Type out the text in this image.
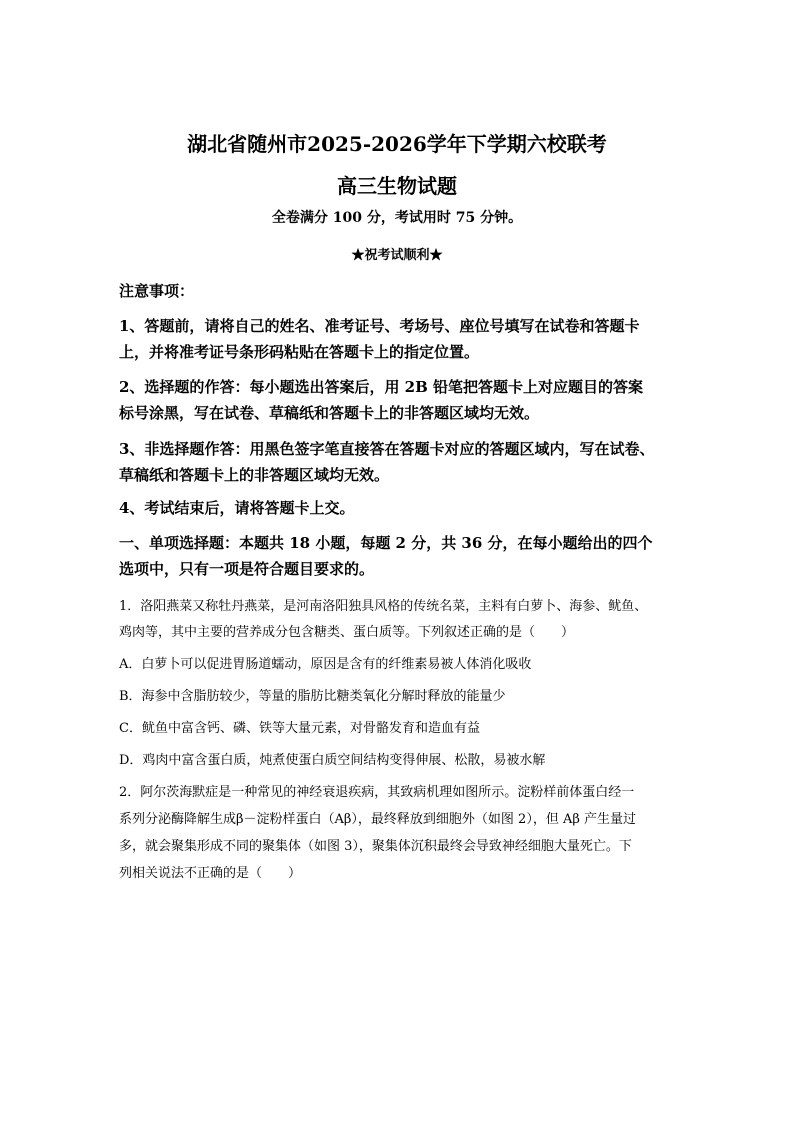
湖北省随州市2025-2026学年下学期六校联考
高三生物试题
全卷满分 100 分，考试用时 75 分钟。
★祝考试顺利★
注意事项：
1、答题前，请将自己的姓名、准考证号、考场号、座位号填写在试卷和答题卡
上，并将准考证号条形码粘贴在答题卡上的指定位置。
2、选择题的作答：每小题选出答案后，用 2B 铅笔把答题卡上对应题目的答案
标号涂黑，写在试卷、草稿纸和答题卡上的非答题区域均无效。
3、非选择题作答：用黑色签字笔直接答在答题卡对应的答题区域内，写在试卷、
草稿纸和答题卡上的非答题区域均无效。
4、考试结束后，请将答题卡上交。
一、单项选择题：本题共 18 小题，每题 2 分，共 36 分，在每小题给出的四个
选项中，只有一项是符合题目要求的。
1．洛阳燕菜又称牡丹燕菜，是河南洛阳独具风格的传统名菜，主料有白萝卜、海参、鱿鱼、
鸡肉等，其中主要的营养成分包含糖类、蛋白质等。下列叙述正确的是（　　）
A．白萝卜可以促进胃肠道蠕动，原因是含有的纤维素易被人体消化吸收
B．海参中含脂肪较少，等量的脂肪比糖类氧化分解时释放的能量少
C．鱿鱼中富含钙、磷、铁等大量元素，对骨骼发育和造血有益
D．鸡肉中富含蛋白质，炖煮使蛋白质空间结构变得伸展、松散，易被水解
2．阿尔茨海默症是一种常见的神经衰退疾病，其致病机理如图所示。淀粉样前体蛋白经一
系列分泌酶降解生成β－淀粉样蛋白（Aβ），最终释放到细胞外（如图 2），但 Aβ 产生量过
多，就会聚集形成不同的聚集体（如图 3），聚集体沉积最终会导致神经细胞大量死亡。下
列相关说法不正确的是（　　）
